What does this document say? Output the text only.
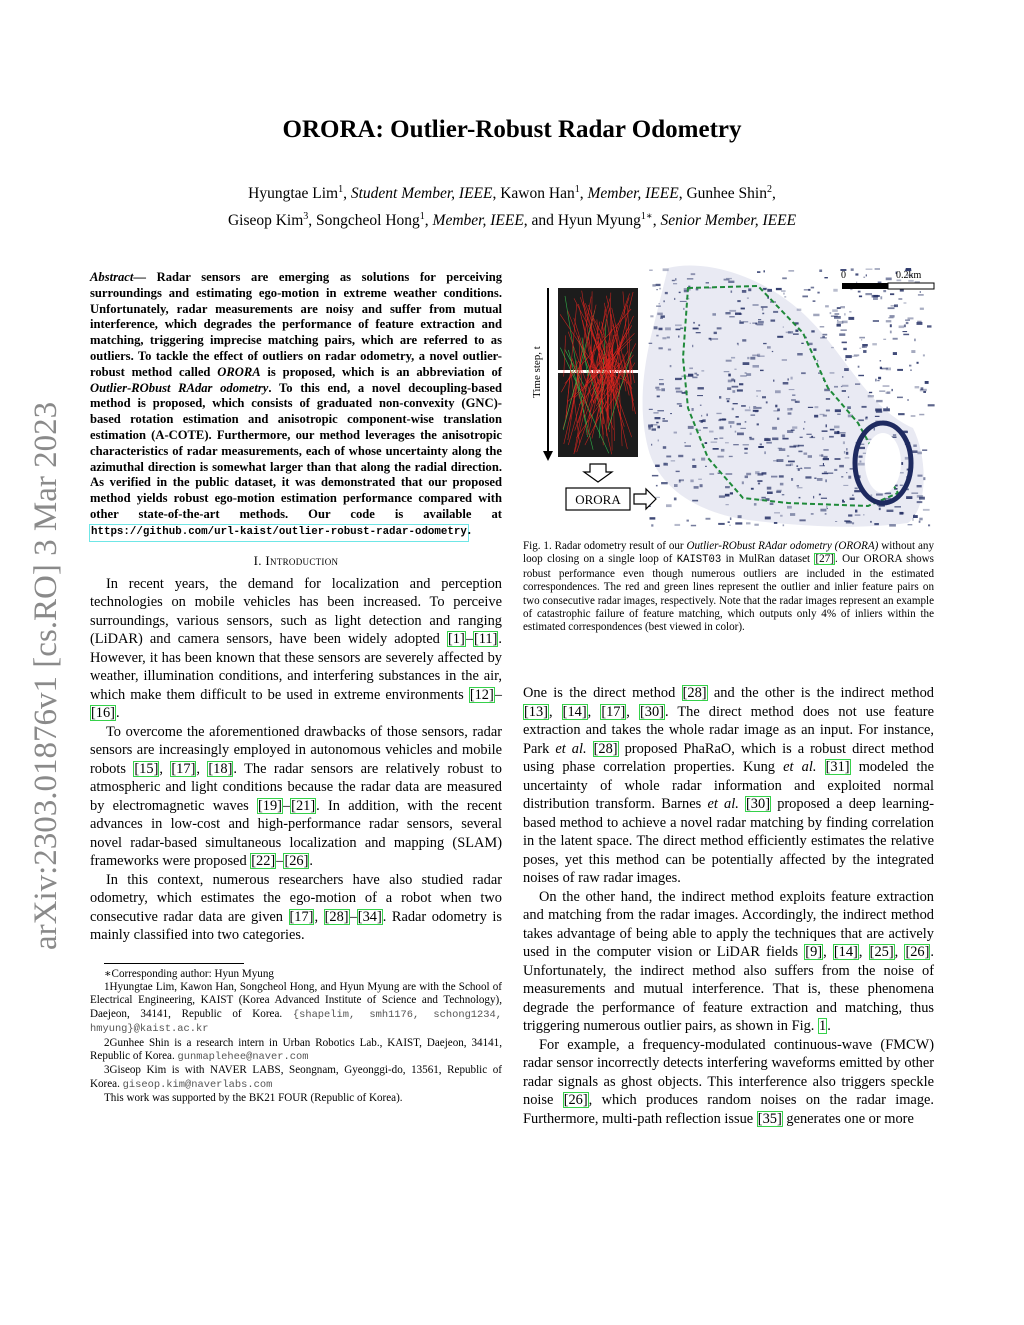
arXiv:2303.01876v1 [cs.RO] 3 Mar 2023
ORORA: Outlier-Robust Radar Odometry
Hyungtae Lim$^1$, Student Member, IEEE, Kawon Han$^1$, Member, IEEE, Gunhee Shin$^2$,
Giseop Kim$^3$, Songcheol Hong$^1$, Member, IEEE, and Hyun Myung$^{1∗}$, Senior Member, IEEE

Abstract— Radar sensors are emerging as solutions for perceiving surroundings and estimating ego-motion in extreme weather conditions. Unfortunately, radar measurements are noisy and suffer from mutual interference, which degrades the performance of feature extraction and matching, triggering imprecise matching pairs, which are referred to as outliers. To tackle the effect of outliers on radar odometry, a novel outlier-robust method called ORORA is proposed, which is an abbreviation of Outlier-RObust RAdar odometry. To this end, a novel decoupling-based method is proposed, which consists of graduated non-convexity (GNC)-based rotation estimation and anisotropic component-wise translation estimation (A-COTE). Furthermore, our method leverages the anisotropic characteristics of radar measurements, each of whose uncertainty along the azimuthal direction is somewhat larger than that along the radial direction. As verified in the public dataset, it was demonstrated that our proposed method yields robust ego-motion estimation performance compared with other state-of-the-art methods. Our code is available at https://github.com/url-kaist/outlier-robust-radar-odometry.

I. Introduction

In recent years, the demand for localization and perception technologies on mobile vehicles has been increased. To perceive surroundings, various sensors, such as light detection and ranging (LiDAR) and camera sensors, have been widely adopted [1]–[11]. However, it has been known that these sensors are severely affected by weather, illumination conditions, and interfering substances in the air, which make them difficult to be used in extreme environments [12]–[16].

To overcome the aforementioned drawbacks of those sensors, radar sensors are increasingly employed in autonomous vehicles and mobile robots [15], [17], [18]. The radar sensors are relatively robust to atmospheric and light conditions because the radar data are measured by electromagnetic waves [19]–[21]. In addition, with the recent advances in low-cost and high-performance radar sensors, several novel radar-based simultaneous localization and mapping (SLAM) frameworks were proposed [22]–[26].

In this context, numerous researchers have also studied radar odometry, which estimates the ego-motion of a robot when two consecutive radar data are given [17], [28]–[34]. Radar odometry is mainly classified into two categories.

∗Corresponding author: Hyun Myung

1Hyungtae Lim, Kawon Han, Songcheol Hong, and Hyun Myung are with the School of Electrical Engineering, KAIST (Korea Advanced Institute of Science and Technology), Daejeon, 34141, Republic of Korea. {shapelim, smh1176, schong1234, hmyung}@kaist.ac.kr

2Gunhee Shin is a research intern in Urban Robotics Lab., KAIST, Daejeon, 34141, Republic of Korea. gunmaplehee@naver.com

3Giseop Kim is with NAVER LABS, Seongnam, Gyeonggi-do, 13561, Republic of Korea. giseop.kim@naverlabs.com

This work was supported by the BK21 FOUR (Republic of Korea).

0	0.2km
Time step, t
ORORA
Fig. 1. Radar odometry result of our Outlier-RObust RAdar odometry (ORORA) without any loop closing on a single loop of KAIST03 in MulRan dataset [27]. Our ORORA shows robust performance even though numerous outliers are included in the estimated correspondences. The red and green lines represent the outlier and inlier feature pairs on two consecutive radar images, respectively. Note that the radar images represent an example of catastrophic failure of feature matching, which outputs only 4% of inliers within the estimated correspondences (best viewed in color).

One is the direct method [28] and the other is the indirect method [13], [14], [17], [30]. The direct method does not use feature extraction and takes the whole radar image as an input. For instance, Park et al. [28] proposed PhaRaO, which is a robust direct method using phase correlation properties. Kung et al. [31] modeled the uncertainty of whole radar information and exploited normal distribution transform. Barnes et al. [30] proposed a deep learning-based method to achieve a novel radar matching by finding correlation in the latent space. The direct method efficiently estimates the relative poses, yet this method can be potentially affected by the integrated noises of raw radar images.

On the other hand, the indirect method exploits feature extraction and matching from the radar images. Accordingly, the indirect method takes advantage of being able to apply the techniques that are actively used in the computer vision or LiDAR fields [9], [14], [25], [26]. Unfortunately, the indirect method also suffers from the noise of measurements and mutual interference. That is, these phenomena degrade the performance of feature extraction and matching, thus triggering numerous outlier pairs, as shown in Fig. 1.

For example, a frequency-modulated continuous-wave (FMCW) radar sensor incorrectly detects interfering waveforms emitted by other radar signals as ghost objects. This interference also triggers speckle noise [26], which produces random noises on the radar image. Furthermore, multi-path reflection issue [35] generates one or more
